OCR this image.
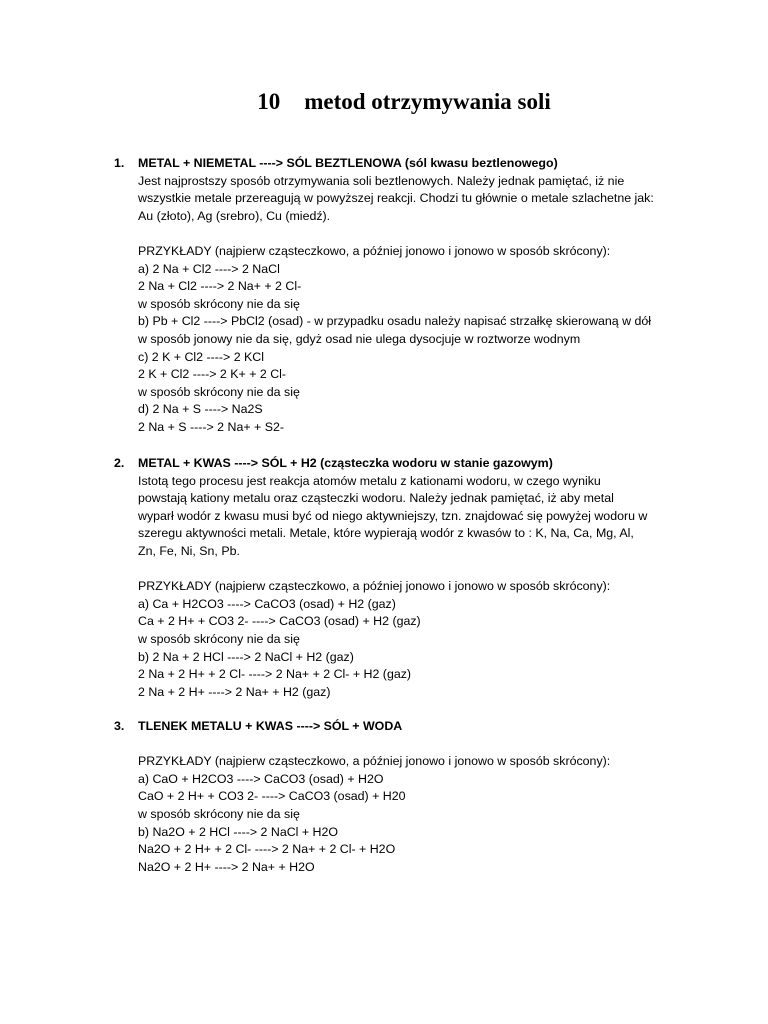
10 metod otrzymywania soli
1. METAL + NIEMETAL ----> SÓL BEZTLENOWA (sól kwasu beztlenowego)
Jest najprostszy sposób otrzymywania soli beztlenowych. Należy jednak pamiętać, iż nie
wszystkie metale przereagują w powyższej reakcji. Chodzi tu głównie o metale szlachetne jak:
Au (złoto), Ag (srebro), Cu (miedź).
PRZYKŁADY (najpierw cząsteczkowo, a później jonowo i jonowo w sposób skrócony):
a) 2 Na + Cl2 ----> 2 NaCl
2 Na + Cl2 ----> 2 Na+ + 2 Cl-
w sposób skrócony nie da się
b) Pb + Cl2 ----> PbCl2 (osad) - w przypadku osadu należy napisać strzałkę skierowaną w dół
w sposób jonowy nie da się, gdyż osad nie ulega dysocjuje w roztworze wodnym
c) 2 K + Cl2 ----> 2 KCl
2 K + Cl2 ----> 2 K+ + 2 Cl-
w sposób skrócony nie da się
d) 2 Na + S ----> Na2S
2 Na + S ----> 2 Na+ + S2-
2. METAL + KWAS ----> SÓL + H2 (cząsteczka wodoru w stanie gazowym)
Istotą tego procesu jest reakcja atomów metalu z kationami wodoru, w czego wyniku
powstają kationy metalu oraz cząsteczki wodoru. Należy jednak pamiętać, iż aby metal
wyparł wodór z kwasu musi być od niego aktywniejszy, tzn. znajdować się powyżej wodoru w
szeregu aktywności metali. Metale, które wypierają wodór z kwasów to : K, Na, Ca, Mg, Al,
Zn, Fe, Ni, Sn, Pb.
PRZYKŁADY (najpierw cząsteczkowo, a później jonowo i jonowo w sposób skrócony):
a) Ca + H2CO3 ----> CaCO3 (osad) + H2 (gaz)
Ca + 2 H+ + CO3 2- ----> CaCO3 (osad) + H2 (gaz)
w sposób skrócony nie da się
b) 2 Na + 2 HCl ----> 2 NaCl + H2 (gaz)
2 Na + 2 H+ + 2 Cl- ----> 2 Na+ + 2 Cl- + H2 (gaz)
2 Na + 2 H+ ----> 2 Na+ + H2 (gaz)
3. TLENEK METALU + KWAS ----> SÓL + WODA
PRZYKŁADY (najpierw cząsteczkowo, a później jonowo i jonowo w sposób skrócony):
a) CaO + H2CO3 ----> CaCO3 (osad) + H2O
CaO + 2 H+ + CO3 2- ----> CaCO3 (osad) + H20
w sposób skrócony nie da się
b) Na2O + 2 HCl ----> 2 NaCl + H2O
Na2O + 2 H+ + 2 Cl- ----> 2 Na+ + 2 Cl- + H2O
Na2O + 2 H+ ----> 2 Na+ + H2O
